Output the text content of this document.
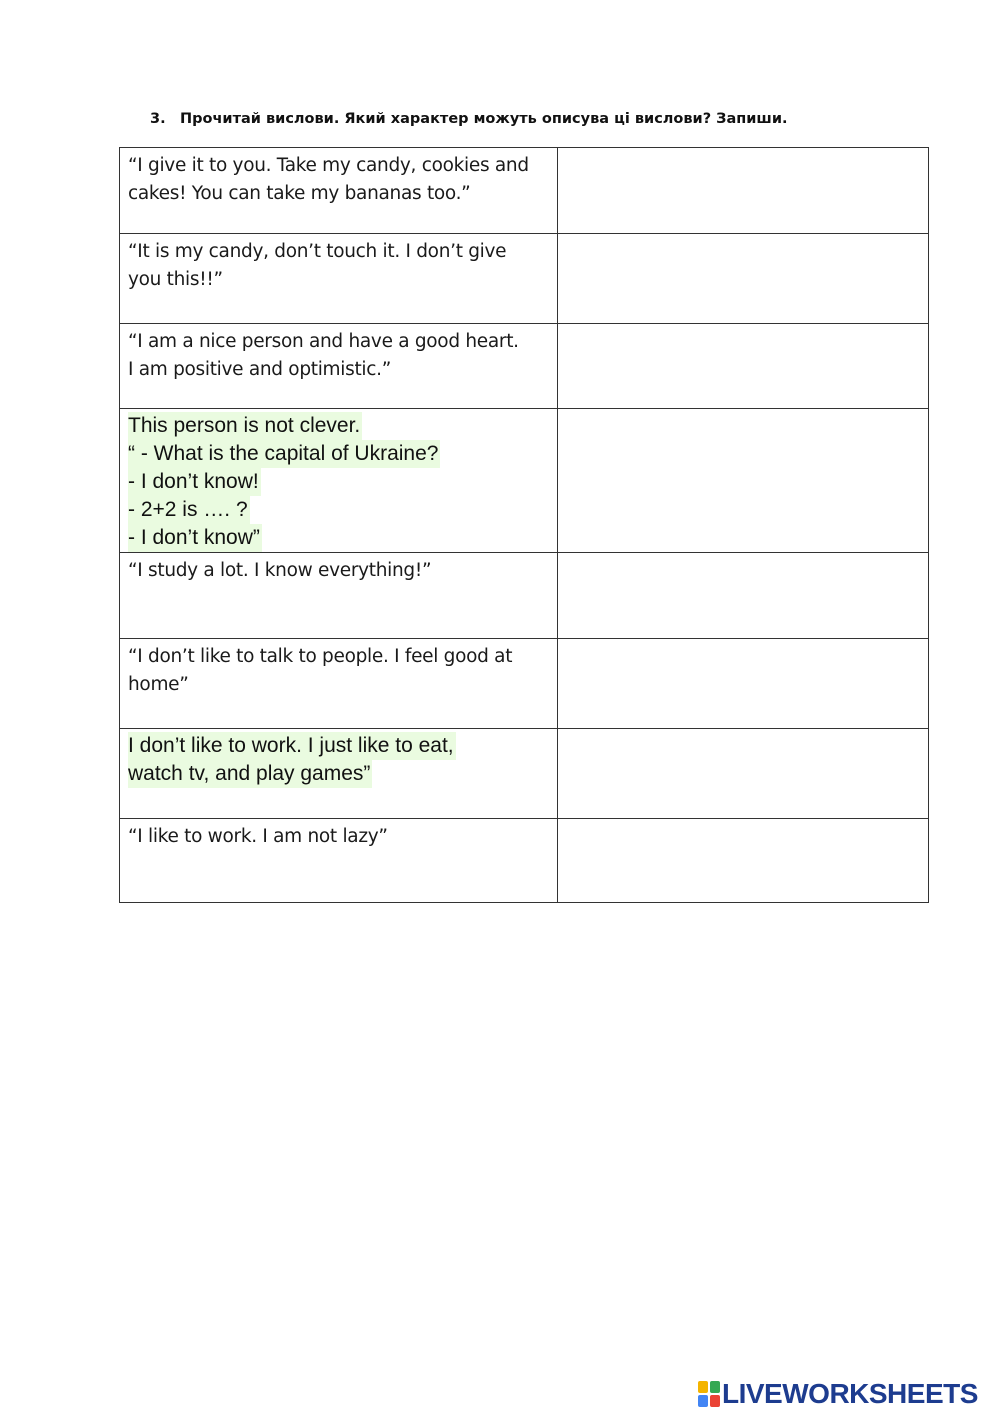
3. Прочитай вислови. Який характер можуть описува ці вислови? Запиши.
“I give it to you. Take my candy, cookies and
cakes! You can take my bananas too.”

“It is my candy, don’t touch it. I don’t give
you this!!”

“I am a nice person and have a good heart.
I am positive and optimistic.”

This person is not clever.
“ - What is the capital of Ukraine?
- I don’t know!
- 2+2 is …. ?
- I don’t know”

“I study a lot. I know everything!”

“I don’t like to talk to people. I feel good at
home”

I don’t like to work. I just like to eat,
watch tv, and play games”

“I like to work. I am not lazy”

LIVEWORKSHEETS
